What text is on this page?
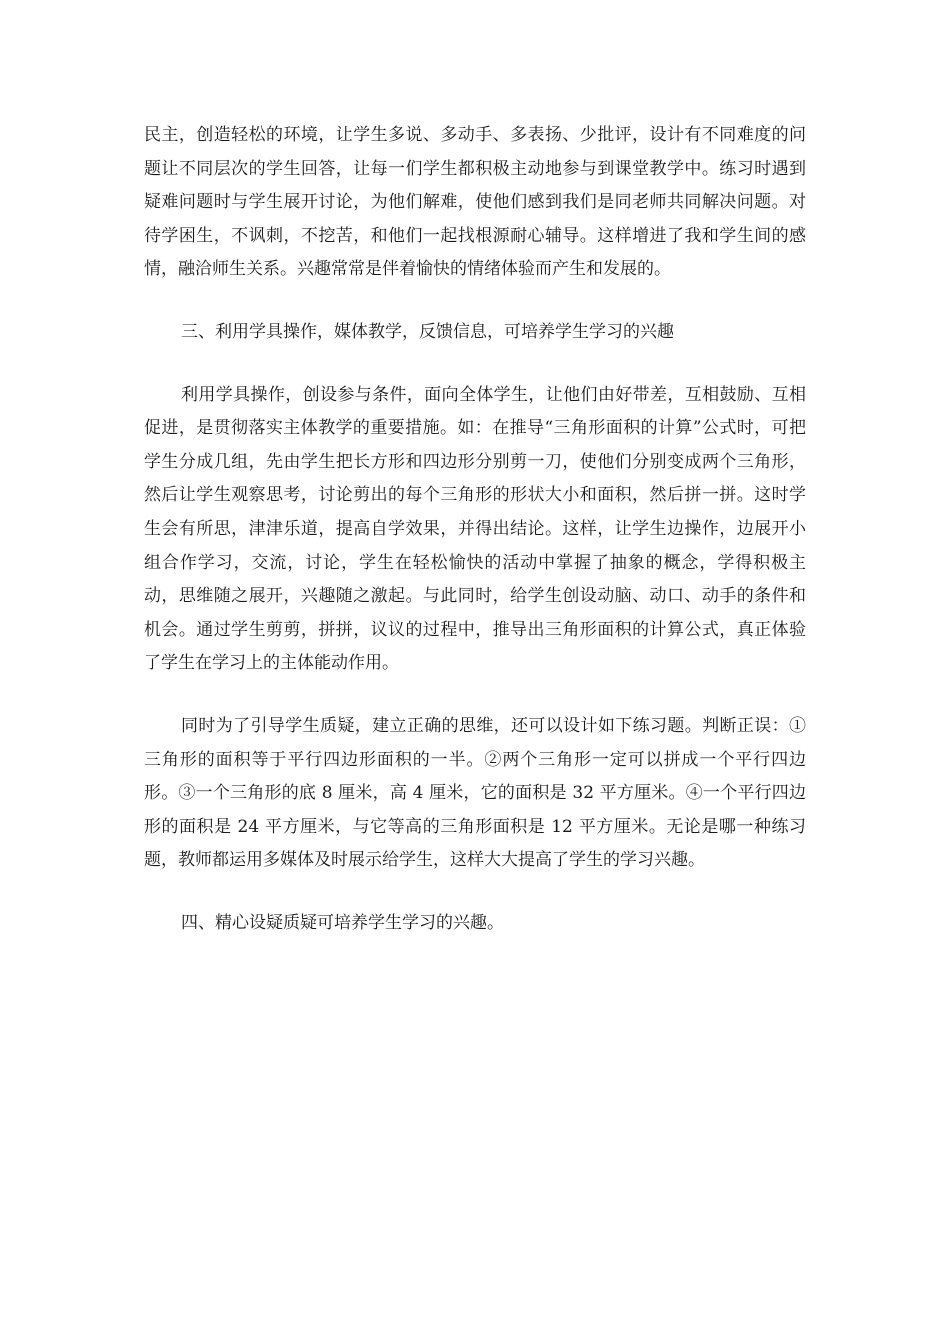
民主，创造轻松的环境，让学生多说、多动手、多表扬、少批评，设计有不同难度的问题让不同层次的学生回答，让每一们学生都积极主动地参与到课堂教学中。练习时遇到疑难问题时与学生展开讨论，为他们解难，使他们感到我们是同老师共同解决问题。对待学困生，不讽刺，不挖苦，和他们一起找根源耐心辅导。这样增进了我和学生间的感情，融洽师生关系。兴趣常常是伴着愉快的情绪体验而产生和发展的。

三、利用学具操作，媒体教学，反馈信息，可培养学生学习的兴趣

利用学具操作，创设参与条件，面向全体学生，让他们由好带差，互相鼓励、互相促进，是贯彻落实主体教学的重要措施。如：在推导“三角形面积的计算”公式时，可把学生分成几组，先由学生把长方形和四边形分别剪一刀，使他们分别变成两个三角形，然后让学生观察思考，讨论剪出的每个三角形的形状大小和面积，然后拼一拼。这时学生会有所思，津津乐道，提高自学效果，并得出结论。这样，让学生边操作，边展开小组合作学习，交流，讨论，学生在轻松愉快的活动中掌握了抽象的概念，学得积极主动，思维随之展开，兴趣随之激起。与此同时，给学生创设动脑、动口、动手的条件和机会。通过学生剪剪，拼拼，议议的过程中，推导出三角形面积的计算公式，真正体验了学生在学习上的主体能动作用。

同时为了引导学生质疑，建立正确的思维，还可以设计如下练习题。判断正误：①三角形的面积等于平行四边形面积的一半。②两个三角形一定可以拼成一个平行四边形。③一个三角形的底 8 厘米，高 4 厘米，它的面积是 32 平方厘米。④一个平行四边形的面积是 24 平方厘米，与它等高的三角形面积是 12 平方厘米。无论是哪一种练习题，教师都运用多媒体及时展示给学生，这样大大提高了学生的学习兴趣。

四、精心设疑质疑可培养学生学习的兴趣。
